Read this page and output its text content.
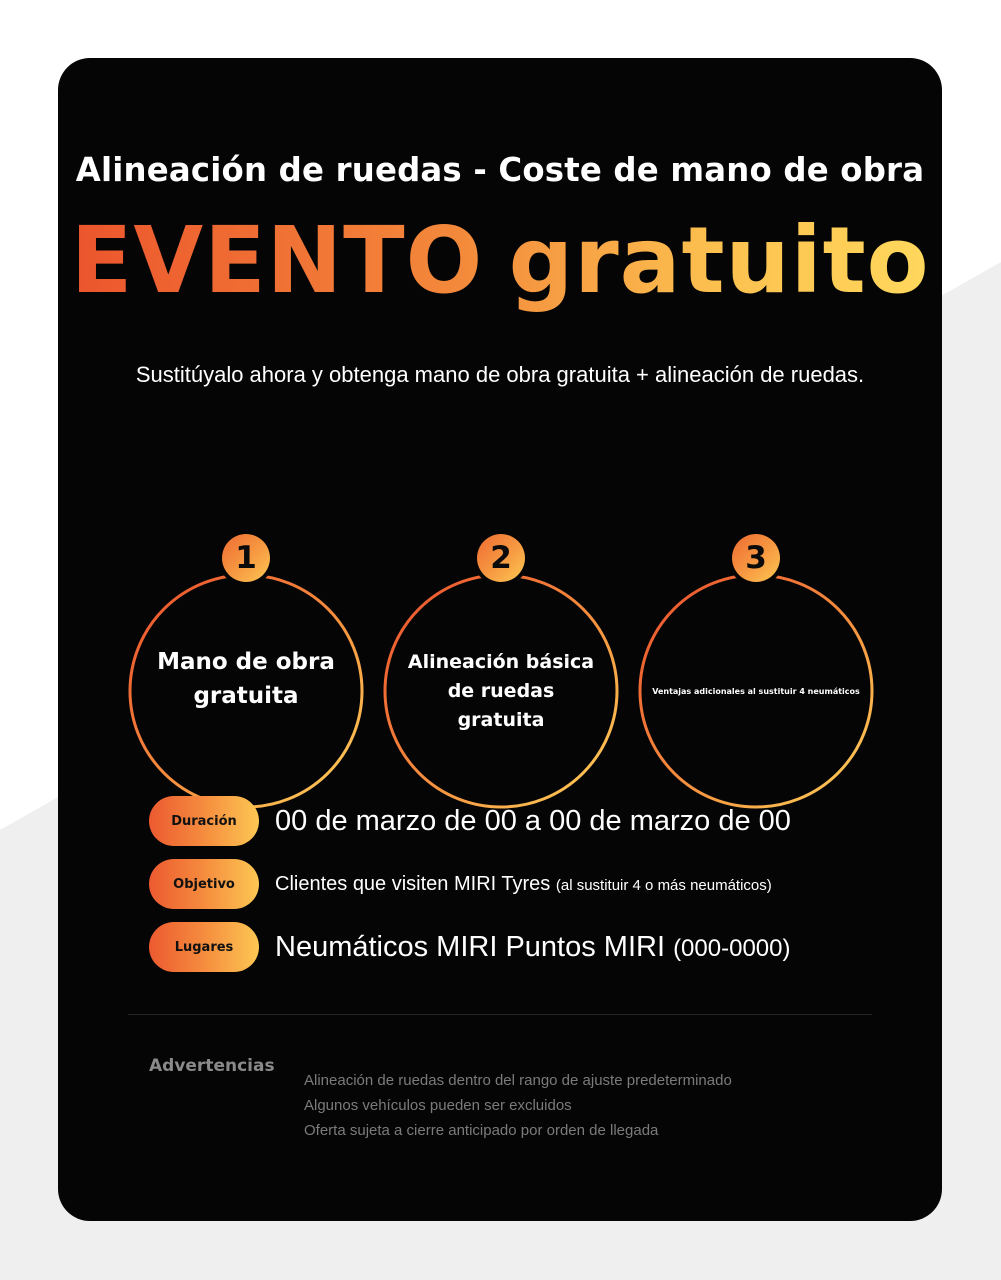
Alineación de ruedas - Coste de mano de obra
EVENTO gratuito

Sustitúyalo ahora y obtenga mano de obra gratuita + alineación de ruedas.

1
Mano de obra gratuita
2
Alineación básica de ruedas gratuita
3
Ventajas adicionales al sustituir 4 neumáticos
Duración	00 de marzo de 00 a 00 de marzo de 00
Objetivo	Clientes que visiten MIRI Tyres (al sustituir 4 o más neumáticos)
Lugares	Neumáticos MIRI Puntos MIRI (000-0000)
Advertencias
Alineación de ruedas dentro del rango de ajuste predeterminado
Algunos vehículos pueden ser excluidos
Oferta sujeta a cierre anticipado por orden de llegada
